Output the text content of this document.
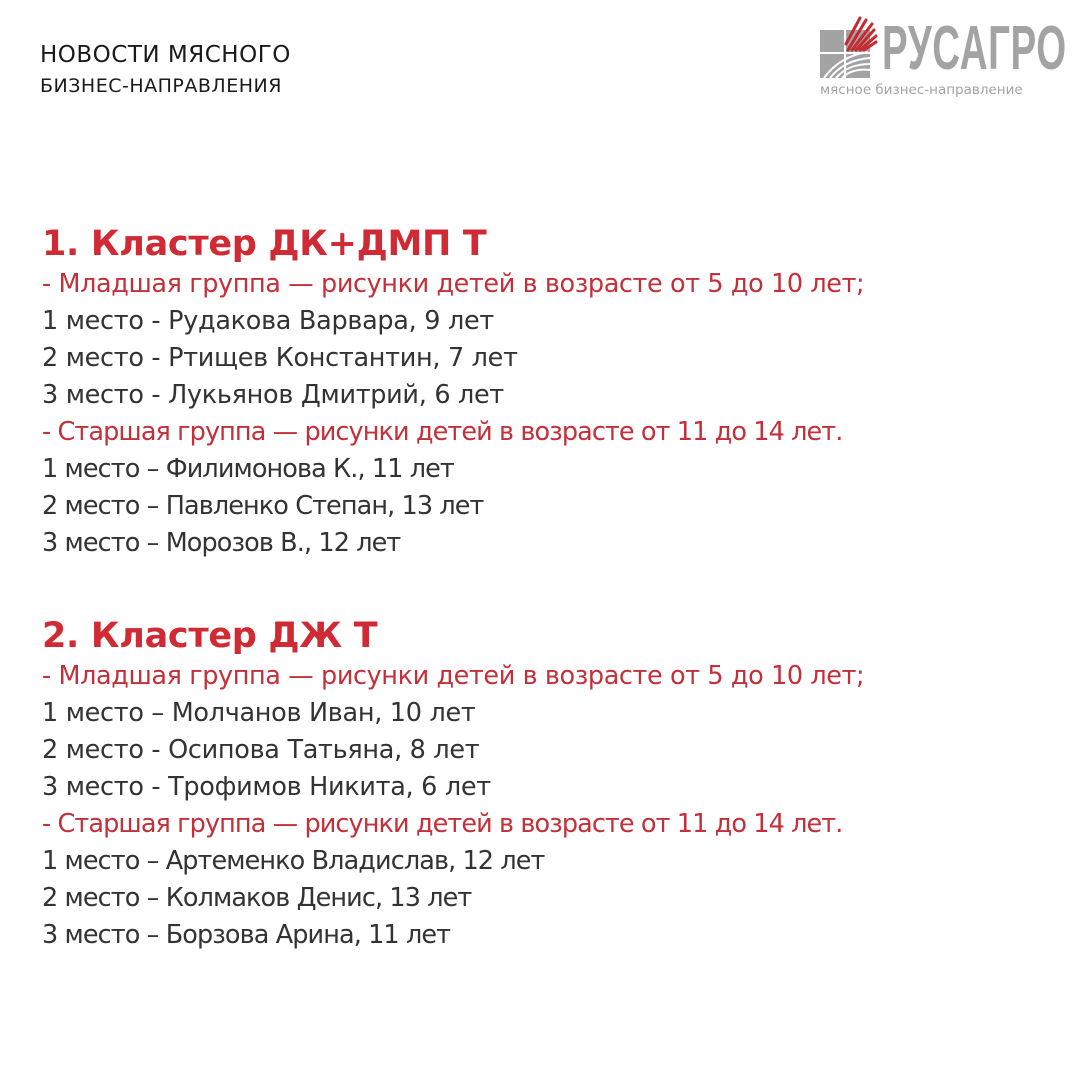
НОВОСТИ МЯСНОГО
БИЗНЕС-НАПРАВЛЕНИЯ
РУСАГРО
мясное бизнес-направление
1. Кластер ДК+ДМП Т
- Младшая группа — рисунки детей в возрасте от 5 до 10 лет;
1 место - Рудакова Варвара, 9 лет
2 место - Ртищев Константин, 7 лет
3 место - Лукьянов Дмитрий, 6 лет
- Старшая группа — рисунки детей в возрасте от 11 до 14 лет.
1 место – Филимонова К., 11 лет
2 место – Павленко Степан, 13 лет
3 место – Морозов В., 12 лет
2. Кластер ДЖ Т
- Младшая группа — рисунки детей в возрасте от 5 до 10 лет;
1 место – Молчанов Иван, 10 лет
2 место - Осипова Татьяна, 8 лет
3 место - Трофимов Никита, 6 лет
- Старшая группа — рисунки детей в возрасте от 11 до 14 лет.
1 место – Артеменко Владислав, 12 лет
2 место – Колмаков Денис, 13 лет
3 место – Борзова Арина, 11 лет
